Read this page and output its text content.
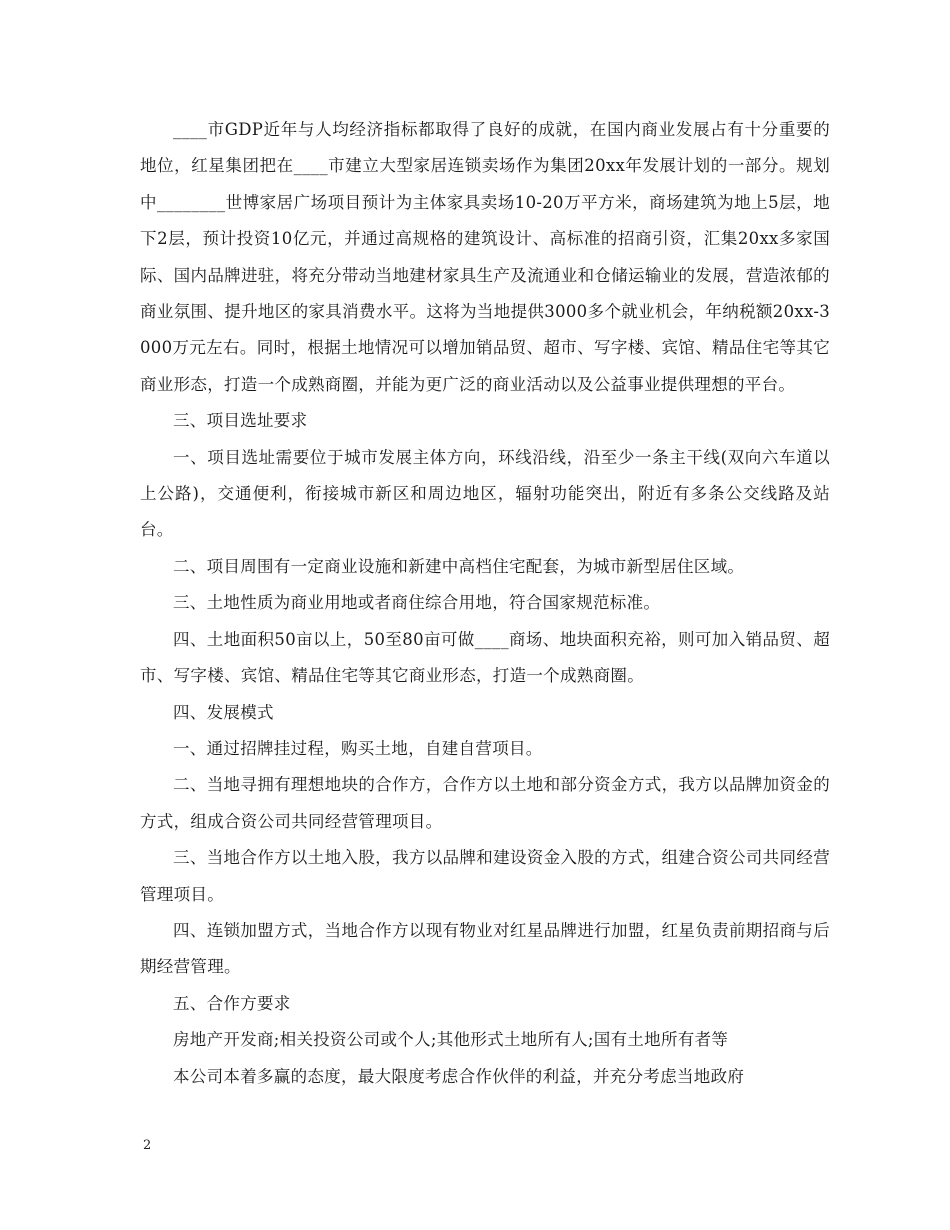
____市GDP近年与人均经济指标都取得了良好的成就，在国内商业发展占有十分重要的地位，红星集团把在____市建立大型家居连锁卖场作为集团20xx年发展计划的一部分。规划中________世博家居广场项目预计为主体家具卖场10-20万平方米，商场建筑为地上5层，地下2层，预计投资10亿元，并通过高规格的建筑设计、高标准的招商引资，汇集20xx多家国际、国内品牌进驻，将充分带动当地建材家具生产及流通业和仓储运输业的发展，营造浓郁的商业氛围、提升地区的家具消费水平。这将为当地提供3000多个就业机会，年纳税额20xx-3000万元左右。同时，根据土地情况可以增加销品贸、超市、写字楼、宾馆、精品住宅等其它商业形态，打造一个成熟商圈，并能为更广泛的商业活动以及公益事业提供理想的平台。

三、项目选址要求

一、项目选址需要位于城市发展主体方向，环线沿线，沿至少一条主干线(双向六车道以上公路)，交通便利，衔接城市新区和周边地区，辐射功能突出，附近有多条公交线路及站台。

二、项目周围有一定商业设施和新建中高档住宅配套，为城市新型居住区域。

三、土地性质为商业用地或者商住综合用地，符合国家规范标准。

四、土地面积50亩以上，50至80亩可做____商场、地块面积充裕，则可加入销品贸、超市、写字楼、宾馆、精品住宅等其它商业形态，打造一个成熟商圈。

四、发展模式

一、通过招牌挂过程，购买土地，自建自营项目。

二、当地寻拥有理想地块的合作方，合作方以土地和部分资金方式，我方以品牌加资金的方式，组成合资公司共同经营管理项目。

三、当地合作方以土地入股，我方以品牌和建设资金入股的方式，组建合资公司共同经营管理项目。

四、连锁加盟方式，当地合作方以现有物业对红星品牌进行加盟，红星负责前期招商与后期经营管理。

五、合作方要求

房地产开发商;相关投资公司或个人;其他形式土地所有人;国有土地所有者等

本公司本着多赢的态度，最大限度考虑合作伙伴的利益，并充分考虑当地政府

2
